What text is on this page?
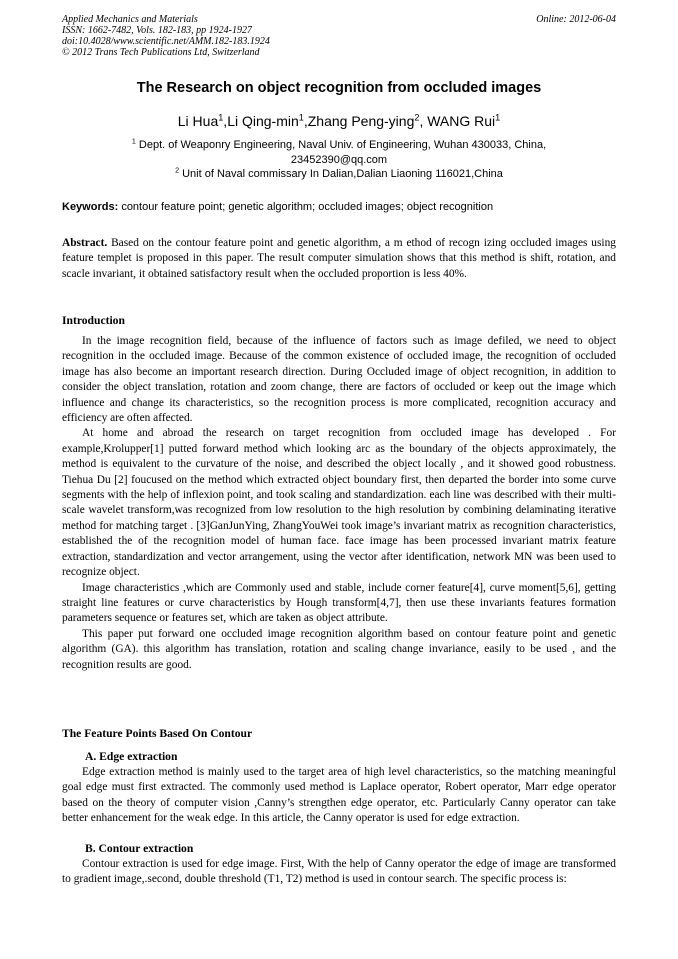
Applied Mechanics and Materials
ISSN: 1662-7482, Vols. 182-183, pp 1924-1927
doi:10.4028/www.scientific.net/AMM.182-183.1924
© 2012 Trans Tech Publications Ltd, Switzerland
Online: 2012-06-04
The Research on object recognition from occluded images
Li Hua$^1$,Li Qing-$\min^1,Zhang$ Peng-ying$^2$, WANG Rui$^1$
$^1$ Dept. of Weaponry Engineering, Naval Univ. of Engineering, Wuhan 430033, China,
23452390@qq.com
$^2$ Unit of Naval commissary In Dalian,Dalian Liaoning 116021,China
Keywords: contour feature point; genetic algorithm; occluded images; object recognition

Abstract. Based on the contour feature point and genetic algorithm, a m ethod of recogn izing occluded images using feature templet is proposed in this paper. The result computer simulation shows that this method is shift, rotation, and scacle invariant, it obtained satisfactory result when the occluded proportion is less 40%.

Introduction

In the image recognition field, because of the influence of factors such as image defiled, we need to object recognition in the occluded image. Because of the common existence of occluded image, the recognition of occluded image has also become an important research direction. During Occluded image of object recognition, in addition to consider the object translation, rotation and zoom change, there are factors of occluded or keep out the image which influence and change its characteristics, so the recognition process is more complicated, recognition accuracy and efficiency are often affected.

At home and abroad the research on target recognition from occluded image has developed . For example,Krolupper[1] putted forward method which looking arc as the boundary of the objects approximately, the method is equivalent to the curvature of the noise, and described the object locally , and it showed good robustness. Tiehua Du [2] foucused on the method which extracted object boundary first, then departed the border into some curve segments with the help of inflexion point, and took scaling and standardization. each line was described with their multi-scale wavelet transform,was recognized from low resolution to the high resolution by combining delaminating iterative method for matching target . [3]GanJunYing, ZhangYouWei took image’s invariant matrix as recognition characteristics, established the of the recognition model of human face. face image has been processed invariant matrix feature extraction, standardization and vector arrangement, using the vector after identification, network MN was been used to recognize object.

Image characteristics ,which are Commonly used and stable, include corner feature[4], curve moment[5,6], getting straight line features or curve characteristics by Hough transform[4,7], then use these invariants features formation parameters sequence or features set, which are taken as object attribute.

This paper put forward one occluded image recognition algorithm based on contour feature point and genetic algorithm (GA). this algorithm has translation, rotation and scaling change invariance, easily to be used , and the recognition results are good.

The Feature Points Based On Contour
A. Edge extraction

Edge extraction method is mainly used to the target area of high level characteristics, so the matching meaningful goal edge must first extracted. The commonly used method is Laplace operator, Robert operator, Marr edge operator based on the theory of computer vision ,Canny’s strengthen edge operator, etc. Particularly Canny operator can take better enhancement for the weak edge. In this article, the Canny operator is used for edge extraction.

B. Contour extraction

Contour extraction is used for edge image. First, With the help of Canny operator the edge of image are transformed to gradient image,.second, double threshold (T1, T2) method is used in contour search. The specific process is:
